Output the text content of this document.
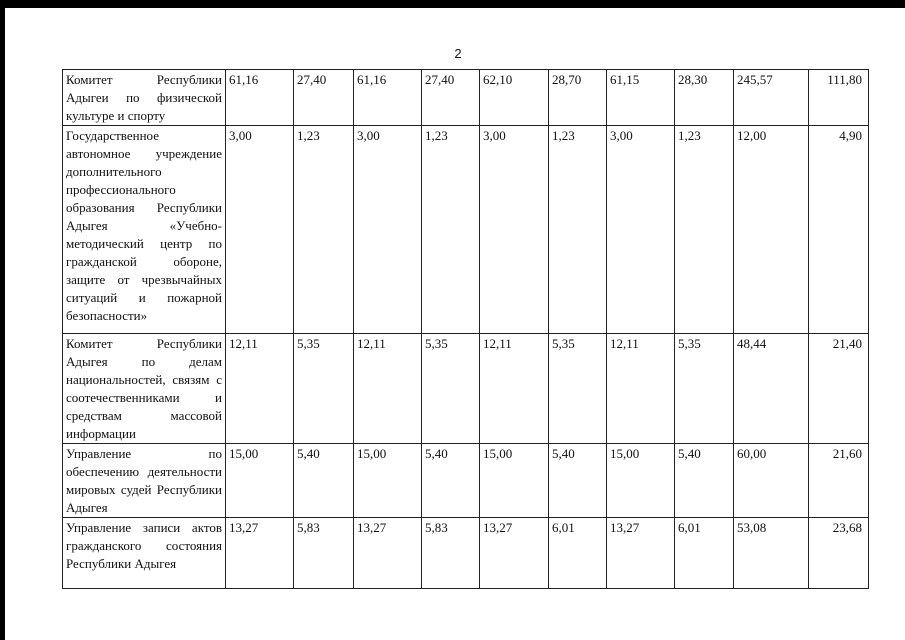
2
Комитет Республики Адыгеи по физической культуре и спорту	61,16	27,40	61,16	27,40	62,10	28,70	61,15	28,30	245,57	111,80
Государственное автономное учреждение дополнительного профессионального образования Республики Адыгея «Учебно-методический центр по гражданской обороне, защите от чрезвычайных ситуаций и пожарной безопасности»	3,00	1,23	3,00	1,23	3,00	1,23	3,00	1,23	12,00	4,90
Комитет Республики Адыгея по делам национальностей, связям с соотечественниками и средствам массовой информации	12,11	5,35	12,11	5,35	12,11	5,35	12,11	5,35	48,44	21,40
Управление по обеспечению деятельности мировых судей Республики Адыгея	15,00	5,40	15,00	5,40	15,00	5,40	15,00	5,40	60,00	21,60
Управление записи актов гражданского состояния Республики Адыгея	13,27	5,83	13,27	5,83	13,27	6,01	13,27	6,01	53,08	23,68
